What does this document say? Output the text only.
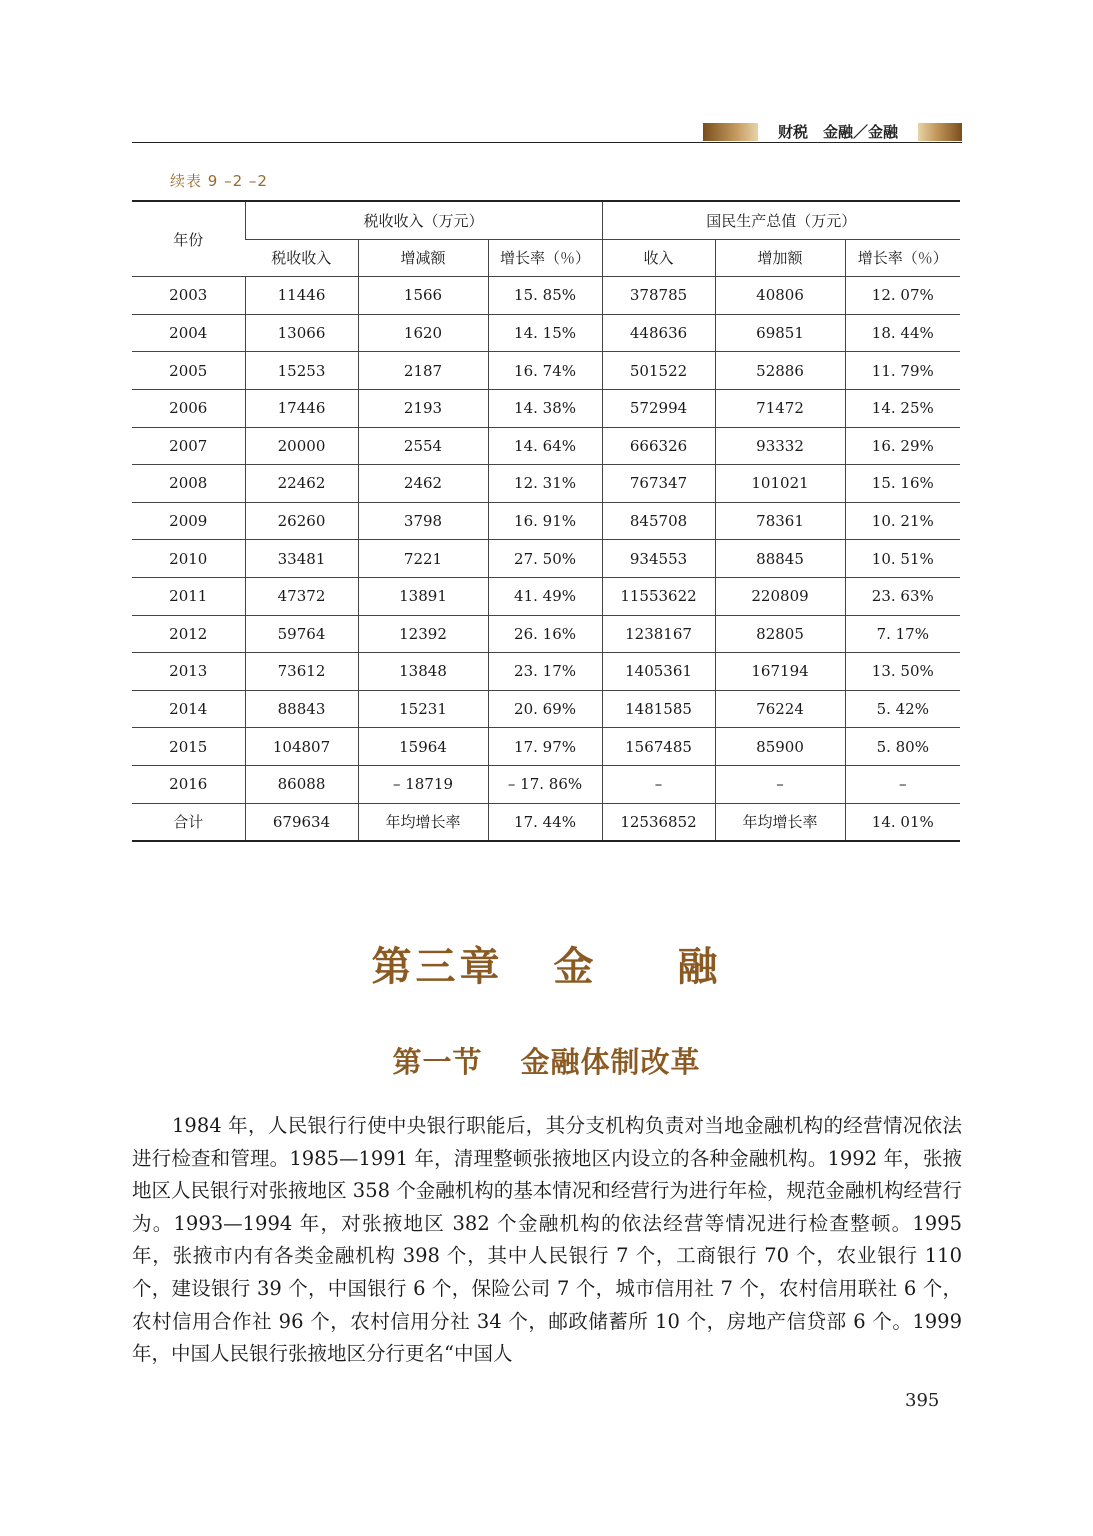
财税　金融／金融
续表 9 –2 –2
年份	税收收入（万元）			国民生产总值（万元）		
	税收收入	增减额	增长率（％）	收入	增加额	增长率（％）
2003	11446	1566	15. 85%	378785	40806	12. 07%
2004	13066	1620	14. 15%	448636	69851	18. 44%
2005	15253	2187	16. 74%	501522	52886	11. 79%
2006	17446	2193	14. 38%	572994	71472	14. 25%
2007	20000	2554	14. 64%	666326	93332	16. 29%
2008	22462	2462	12. 31%	767347	101021	15. 16%
2009	26260	3798	16. 91%	845708	78361	10. 21%
2010	33481	7221	27. 50%	934553	88845	10. 51%
2011	47372	13891	41. 49%	11553622	220809	23. 63%
2012	59764	12392	26. 16%	1238167	82805	7. 17%
2013	73612	13848	23. 17%	1405361	167194	13. 50%
2014	88843	15231	20. 69%	1481585	76224	5. 42%
2015	104807	15964	17. 97%	1567485	85900	5. 80%
2016	86088	– 18719	– 17. 86%	–	–	–
合计	679634	年均增长率	17. 44%	12536852	年均增长率	14. 01%
第三章 金 融
第一节 金融体制改革

1984 年，人民银行行使中央银行职能后，其分支机构负责对当地金融机构的经营情况依法进行检查和管理。1985—1991 年，清理整顿张掖地区内设立的各种金融机构。1992 年，张掖地区人民银行对张掖地区 358 个金融机构的基本情况和经营行为进行年检，规范金融机构经营行为。1993—1994 年，对张掖地区 382 个金融机构的依法经营等情况进行检查整顿。1995 年，张掖市内有各类金融机构 398 个，其中人民银行 7 个，工商银行 70 个，农业银行 110 个，建设银行 39 个，中国银行 6 个，保险公司 7 个，城市信用社 7 个，农村信用联社 6 个，农村信用合作社 96 个，农村信用分社 34 个，邮政储蓄所 10 个，房地产信贷部 6 个。1999 年，中国人民银行张掖地区分行更名“中国人

395
